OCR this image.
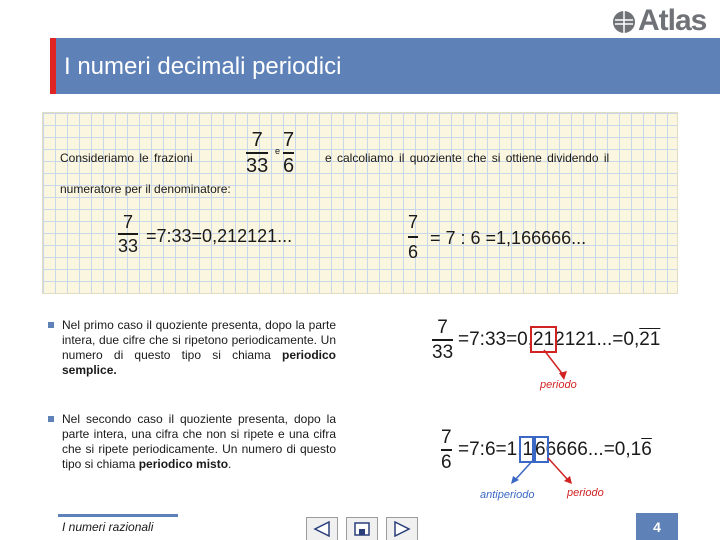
Atlas
I numeri decimali periodici
Consideriamo le frazioni
7
33
e 7
6	e calcoliamo il quoziente che si ottiene dividendo il
numeratore per il denominatore:
7
33 =7:33=0,212121...
7
6
= 7 : 6 =1,166666...
Nel primo caso il quoziente presenta, dopo la parte intera, due cifre che si ripetono periodicamente. Un numero di questo tipo si chiama periodico semplice.
Nel secondo caso il quoziente presenta, dopo la parte intera, una cifra che non si ripete e una cifra che si ripete periodicamente. Un numero di questo tipo si chiama periodico misto.
7
33
=7:33=0,212121...=0,21
periodo
7
6
=7:6=1,1 66666...=0,16
antiperiodo	periodo
I numeri razionali	4
